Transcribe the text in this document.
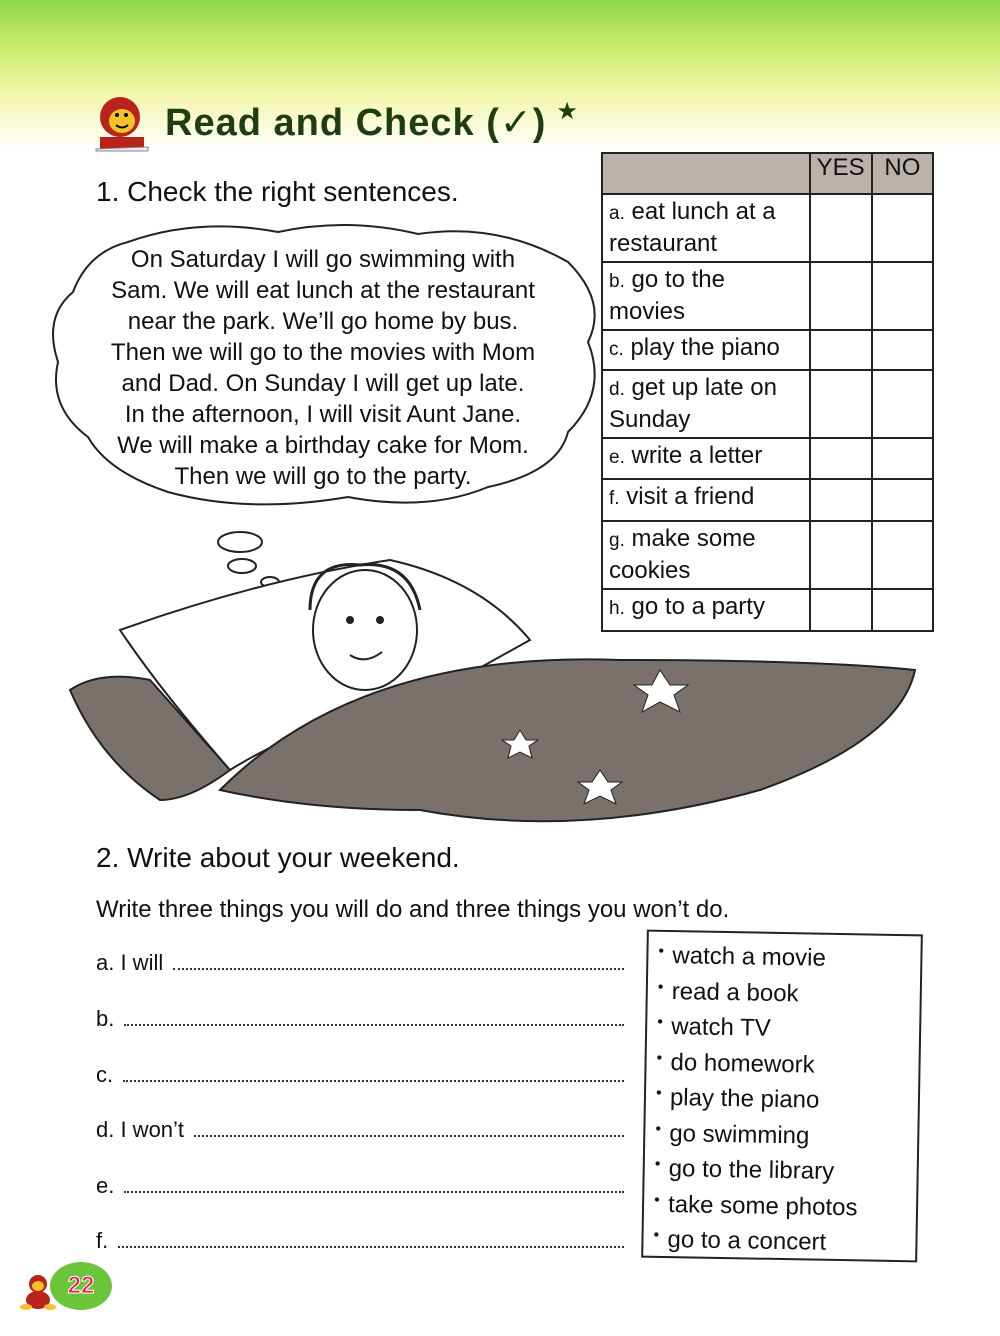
Read and Check (✓) ★
1. Check the right sentences.
On Saturday I will go swimming with
Sam. We will eat lunch at the restaurant
near the park. We’ll go home by bus.
Then we will go to the movies with Mom
and Dad. On Sunday I will get up late.
In the afternoon, I will visit Aunt Jane.
We will make a birthday cake for Mom.
Then we will go to the party.
	YES	NO
a. eat lunch at a restaurant		
b. go to the movies		
c. play the piano		
d. get up late on Sunday		
e. write a letter		
f. visit a friend		
g. make some cookies		
h. go to a party		
2. Write about your weekend.
Write three things you will do and three things you won’t do.
a. I will
b.
c.
d. I won’t
e.
f.
• watch a movie
• read a book
• watch TV
• do homework
• play the piano
• go swimming
• go to the library
• take some photos
• go to a concert
22
